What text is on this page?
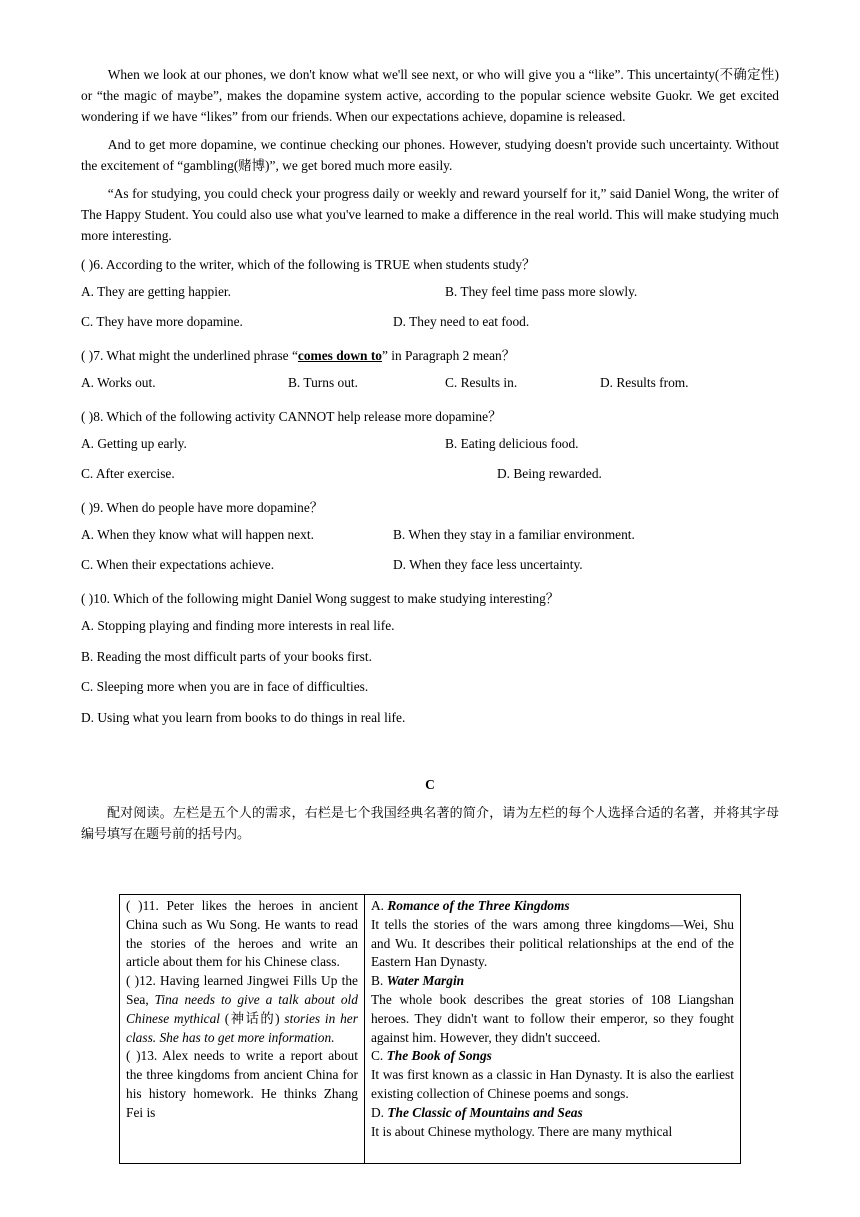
When we look at our phones, we don't know what we'll see next, or who will give you a “like”. This uncertainty(不确定性) or “the magic of maybe”, makes the dopamine system active, according to the popular science website Guokr. We get excited wondering if we have “likes” from our friends. When our expectations achieve, dopamine is released.

And to get more dopamine, we continue checking our phones. However, studying doesn't provide such uncertainty. Without the excitement of “gambling(赌博)”, we get bored much more easily.

“As for studying, you could check your progress daily or weekly and reward yourself for it,” said Daniel Wong, the writer of The Happy Student. You could also use what you've learned to make a difference in the real world. This will make studying much more interesting.

( )6. According to the writer, which of the following is TRUE when students study？
A. They are getting happier.	B. They feel time pass more slowly.
C. They have more dopamine.	D. They need to eat food.
( )7. What might the underlined phrase “comes down to” in Paragraph 2 mean？
A. Works out.	B. Turns out.	C. Results in.	D. Results from.
( )8. Which of the following activity CANNOT help release more dopamine？
A. Getting up early.	B. Eating delicious food.
C. After exercise.	D. Being rewarded.
( )9. When do people have more dopamine？
A. When they know what will happen next.	B. When they stay in a familiar environment.
C. When their expectations achieve.	D. When they face less uncertainty.
( )10. Which of the following might Daniel Wong suggest to make studying interesting？
A. Stopping playing and finding more interests in real life.
B. Reading the most difficult parts of your books first.
C. Sleeping more when you are in face of difficulties.
D. Using what you learn from books to do things in real life.
C

配对阅读。左栏是五个人的需求，右栏是七个我国经典名著的简介，请为左栏的每个人选择合适的名著，并将其字母编号填写在题号前的括号内。

( )11. Peter likes the heroes in ancient China such as Wu Song. He wants to read the stories of the heroes and write an article about them for his Chinese class.
( )12. Having learned Jingwei Fills Up the Sea, Tina needs to give a talk about old Chinese mythical (神话的) stories in her class. She has to get more information.
( )13. Alex needs to write a report about the three kingdoms from ancient China for his history homework. He thinks Zhang Fei is

A. Romance of the Three Kingdoms
It tells the stories of the wars among three kingdoms—Wei, Shu and Wu. It describes their political relationships at the end of the Eastern Han Dynasty.
B. Water Margin
The whole book describes the great stories of 108 Liangshan heroes. They didn't want to follow their emperor, so they fought against him. However, they didn't succeed.
C. The Book of Songs
It was first known as a classic in Han Dynasty. It is also the earliest existing collection of Chinese poems and songs.
D. The Classic of Mountains and Seas
It is about Chinese mythology. There are many mythical
